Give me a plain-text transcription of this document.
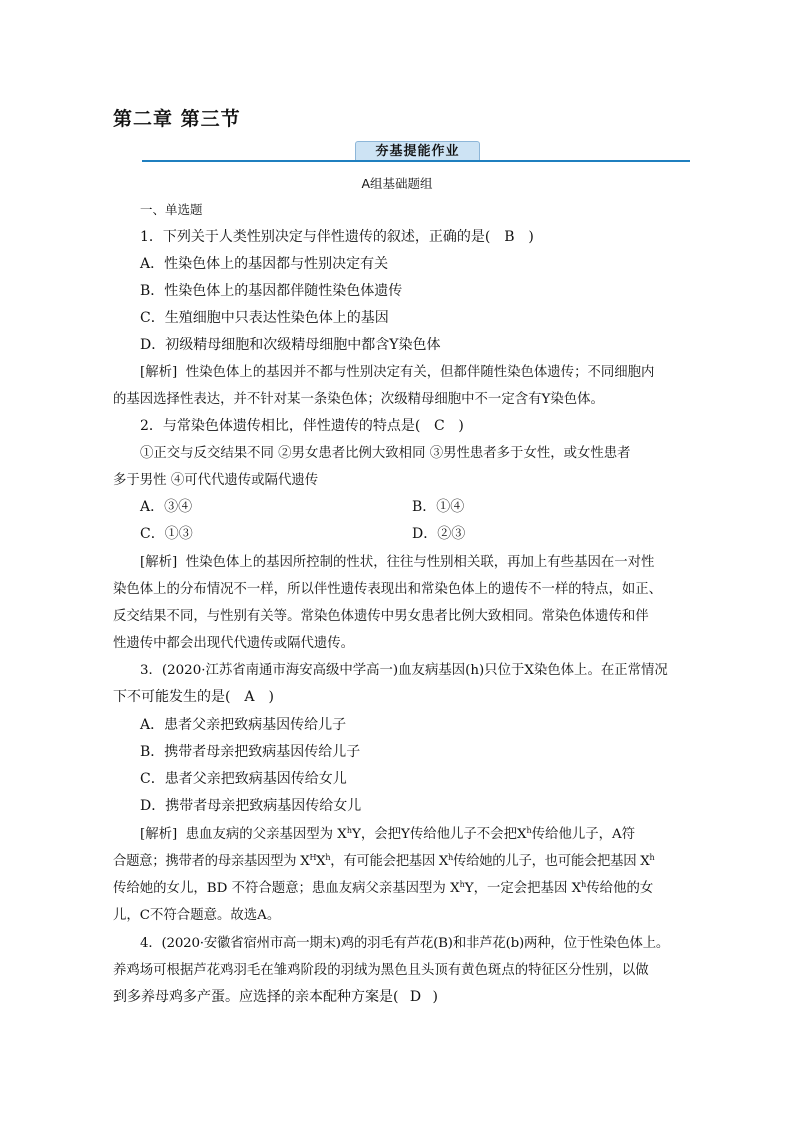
第二章 第三节
夯基提能作业
A组基础题组
一、单选题
1．下列关于人类性别决定与伴性遗传的叙述，正确的是( B )
A．性染色体上的基因都与性别决定有关
B．性染色体上的基因都伴随性染色体遗传
C．生殖细胞中只表达性染色体上的基因
D．初级精母细胞和次级精母细胞中都含Y染色体
[解析] 性染色体上的基因并不都与性别决定有关，但都伴随性染色体遗传；不同细胞内
的基因选择性表达，并不针对某一条染色体；次级精母细胞中不一定含有Y染色体。
2．与常染色体遗传相比，伴性遗传的特点是( C )
①正交与反交结果不同 ②男女患者比例大致相同 ③男性患者多于女性，或女性患者
多于男性 ④可代代遗传或隔代遗传
A．③④	B．①④
C．①③	D．②③
[解析] 性染色体上的基因所控制的性状，往往与性别相关联，再加上有些基因在一对性
染色体上的分布情况不一样，所以伴性遗传表现出和常染色体上的遗传不一样的特点，如正、
反交结果不同，与性别有关等。常染色体遗传中男女患者比例大致相同。常染色体遗传和伴
性遗传中都会出现代代遗传或隔代遗传。
3．(2020·江苏省南通市海安高级中学高一)血友病基因(h)只位于X染色体上。在正常情况
下不可能发生的是( A )
A．患者父亲把致病基因传给儿子
B．携带者母亲把致病基因传给儿子
C．患者父亲把致病基因传给女儿
D．携带者母亲把致病基因传给女儿
[解析] 患血友病的父亲基因型为 $X^hY$，会把Y传给他儿子不会把$X^h$传给他儿子，A符
合题意；携带者的母亲基因型为 $X^HX^h$，有可能会把基因 $X^h$传给她的儿子，也可能会把基因 $X^h$
传给她的女儿，BD 不符合题意；患血友病父亲基因型为 $X^hY$，一定会把基因 $X^h$传给他的女
儿，C不符合题意。故选A。
4．(2020·安徽省宿州市高一期末)鸡的羽毛有芦花(B)和非芦花(b)两种，位于性染色体上。
养鸡场可根据芦花鸡羽毛在雏鸡阶段的羽绒为黑色且头顶有黄色斑点的特征区分性别，以做
到多养母鸡多产蛋。应选择的亲本配种方案是( D )
